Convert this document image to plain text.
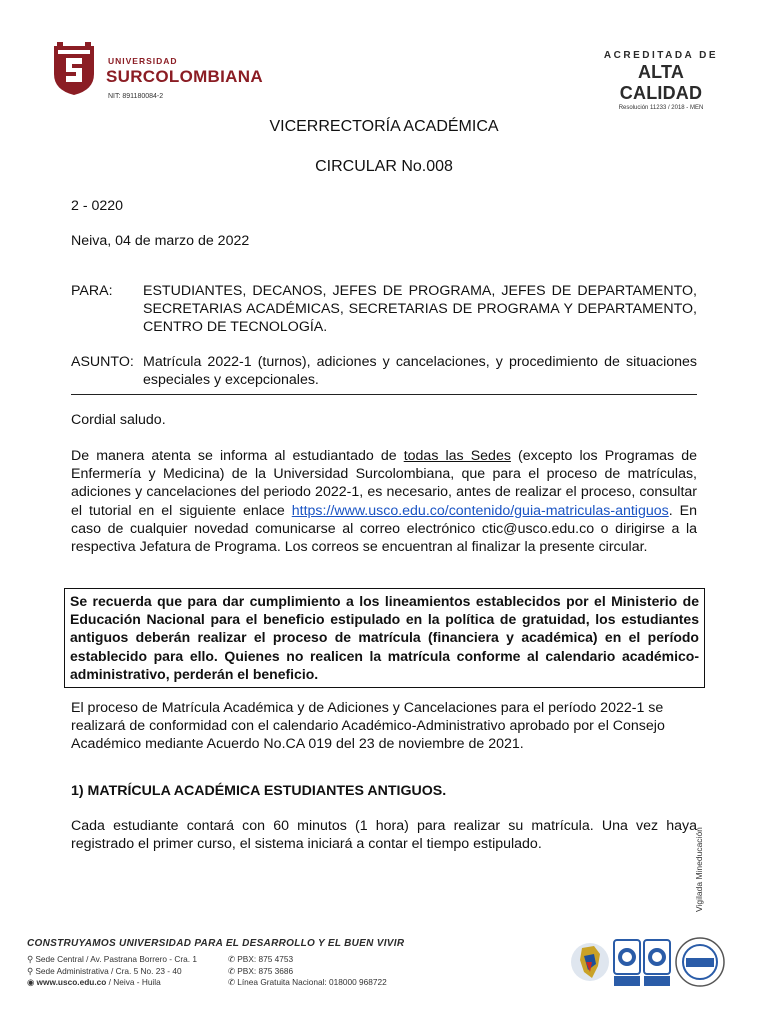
UNIVERSIDAD
SURCOLOMBIANA
NIT: 891180084-2
ACREDITADA DE
ALTA CALIDAD
Resolución 11233 / 2018 - MEN
VICERRECTORÍA ACADÉMICA
CIRCULAR No.008
2 - 0220
Neiva, 04 de marzo de 2022
PARA:	ESTUDIANTES, DECANOS, JEFES DE PROGRAMA, JEFES DE DEPARTAMENTO, SECRETARIAS ACADÉMICAS, SECRETARIAS DE PROGRAMA Y DEPARTAMENTO, CENTRO DE TECNOLOGÍA.
ASUNTO: Matrícula 2022-1 (turnos), adiciones y cancelaciones, y procedimiento de situaciones especiales y excepcionales.
Cordial saludo.
De manera atenta se informa al estudiantado de todas las Sedes (excepto los Programas de Enfermería y Medicina) de la Universidad Surcolombiana, que para el proceso de matrículas, adiciones y cancelaciones del periodo 2022-1, es necesario, antes de realizar el proceso, consultar el tutorial en el siguiente enlace https://www.usco.edu.co/contenido/guia-matriculas-antiguos. En caso de cualquier novedad comunicarse al correo electrónico ctic@usco.edu.co o dirigirse a la respectiva Jefatura de Programa. Los correos se encuentran al finalizar la presente circular.
Se recuerda que para dar cumplimiento a los lineamientos establecidos por el Ministerio de Educación Nacional para el beneficio estipulado en la política de gratuidad, los estudiantes antiguos deberán realizar el proceso de matrícula (financiera y académica) en el período establecido para ello. Quienes no realicen la matrícula conforme al calendario académico-administrativo, perderán el beneficio.
El proceso de Matrícula Académica y de Adiciones y Cancelaciones para el período 2022-1 se realizará de conformidad con el calendario Académico-Administrativo aprobado por el Consejo Académico mediante Acuerdo No.CA 019 del 23 de noviembre de 2021.
1) MATRÍCULA ACADÉMICA ESTUDIANTES ANTIGUOS.
Cada estudiante contará con 60 minutos (1 hora) para realizar su matrícula. Una vez haya registrado el primer curso, el sistema iniciará a contar el tiempo estipulado.	Vigilada Mineducación
CONSTRUYAMOS UNIVERSIDAD PARA EL DESARROLLO Y EL BUEN VIVIR
⚲ Sede Central / Av. Pastrana Borrero - Cra. 1
⚲ Sede Administrativa / Cra. 5 No. 23 - 40
◉ www.usco.edu.co / Neiva - Huila
✆ PBX: 875 4753
✆ PBX: 875 3686
✆ Línea Gratuita Nacional: 018000 968722
